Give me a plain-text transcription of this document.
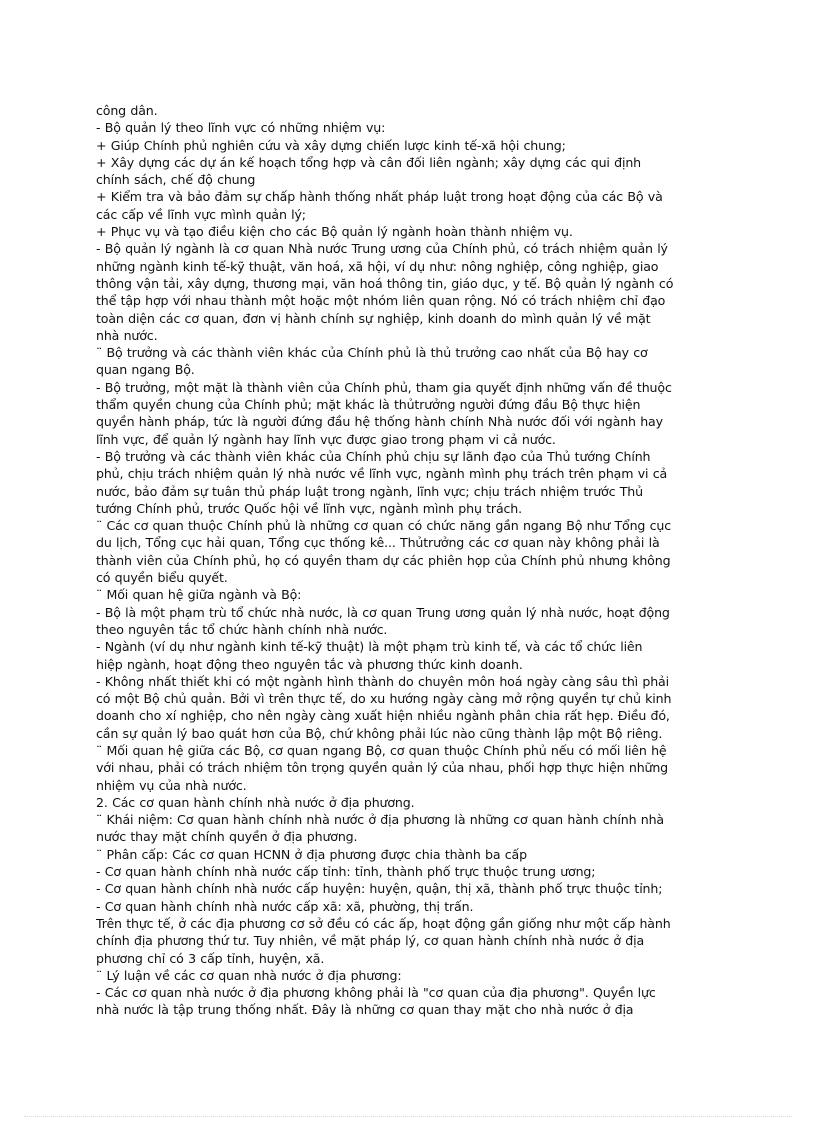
công dân.
- Bộ quản lý theo lĩnh vực có những nhiệm vụ:
+ Giúp Chính phủ nghiên cứu và xây dựng chiến lược kinh tế-xã hội chung;
+ Xây dựng các dự án kế hoạch tổng hợp và cân đối liên ngành; xây dựng các qui định
chính sách, chế độ chung
+ Kiểm tra và bảo đảm sự chấp hành thống nhất pháp luật trong hoạt động của các Bộ và
các cấp về lĩnh vực mình quản lý;
+ Phục vụ và tạo điều kiện cho các Bộ quản lý ngành hoàn thành nhiệm vụ.
- Bộ quản lý ngành là cơ quan Nhà nước Trung ương của Chính phủ, có trách nhiệm quản lý
những ngành kinh tế-kỹ thuật, văn hoá, xã hội, ví dụ như: nông nghiệp, công nghiệp, giao
thông vận tải, xây dựng, thương mại, văn hoá thông tin, giáo dục, y tế. Bộ quản lý ngành có
thể tập hợp với nhau thành một hoặc một nhóm liên quan rộng. Nó có trách nhiệm chỉ đạo
toàn diện các cơ quan, đơn vị hành chính sự nghiệp, kinh doanh do mình quản lý về mặt
nhà nước.
¨ Bộ trưởng và các thành viên khác của Chính phủ là thủ trưởng cao nhất của Bộ hay cơ
quan ngang Bộ.
- Bộ trưởng, một mặt là thành viên của Chính phủ, tham gia quyết định những vấn đề thuộc
thẩm quyền chung của Chính phủ; mặt khác là thủtrưởng người đứng đầu Bộ thực hiện
quyền hành pháp, tức là người đứng đầu hệ thống hành chính Nhà nước đối với ngành hay
lĩnh vực, để quản lý ngành hay lĩnh vực được giao trong phạm vi cả nước.
- Bộ trưởng và các thành viên khác của Chính phủ chịu sự lãnh đạo của Thủ tướng Chính
phủ, chịu trách nhiệm quản lý nhà nước về lĩnh vực, ngành mình phụ trách trên phạm vi cả
nước, bảo đảm sự tuân thủ pháp luật trong ngành, lĩnh vực; chịu trách nhiệm trước Thủ
tướng Chính phủ, trước Quốc hội về lĩnh vực, ngành mình phụ trách.
¨ Các cơ quan thuộc Chính phủ là những cơ quan có chức năng gần ngang Bộ như Tổng cục
du lịch, Tổng cục hải quan, Tổng cục thống kê... Thủtrưởng các cơ quan này không phải là
thành viên của Chính phủ, họ có quyền tham dự các phiên họp của Chính phủ nhưng không
có quyền biểu quyết.
¨ Mối quan hệ giữa ngành và Bộ:
- Bộ là một phạm trù tổ chức nhà nước, là cơ quan Trung ương quản lý nhà nước, hoạt động
theo nguyên tắc tổ chức hành chính nhà nước.
- Ngành (ví dụ như ngành kinh tế-kỹ thuật) là một phạm trù kinh tế, và các tổ chức liên
hiệp ngành, hoạt động theo nguyên tắc và phương thức kinh doanh.
- Không nhất thiết khi có một ngành hình thành do chuyên môn hoá ngày càng sâu thì phải
có một Bộ chủ quản. Bởi vì trên thực tế, do xu hướng ngày càng mở rộng quyền tự chủ kinh
doanh cho xí nghiệp, cho nên ngày càng xuất hiện nhiều ngành phân chia rất hẹp. Điều đó,
cần sự quản lý bao quát hơn của Bộ, chứ không phải lúc nào cũng thành lập một Bộ riêng.
¨ Mối quan hệ giữa các Bộ, cơ quan ngang Bộ, cơ quan thuộc Chính phủ nếu có mối liên hệ
với nhau, phải có trách nhiệm tôn trọng quyền quản lý của nhau, phối hợp thực hiện những
nhiệm vụ của nhà nước.
2. Các cơ quan hành chính nhà nước ở địa phương.
¨ Khái niệm: Cơ quan hành chính nhà nước ở địa phương là những cơ quan hành chính nhà
nước thay mặt chính quyền ở địa phương.
¨ Phân cấp: Các cơ quan HCNN ở địa phương được chia thành ba cấp
- Cơ quan hành chính nhà nước cấp tỉnh: tỉnh, thành phố trực thuộc trung ương;
- Cơ quan hành chính nhà nước cấp huyện: huyện, quận, thị xã, thành phố trực thuộc tỉnh;
- Cơ quan hành chính nhà nước cấp xã: xã, phường, thị trấn.
Trên thực tế, ở các địa phương cơ sở đều có các ấp, hoạt động gần giống như một cấp hành
chính địa phương thứ tư. Tuy nhiên, về mặt pháp lý, cơ quan hành chính nhà nước ở địa
phương chỉ có 3 cấp tỉnh, huyện, xã.
¨ Lý luận về các cơ quan nhà nước ở địa phương:
- Các cơ quan nhà nước ở địa phương không phải là "cơ quan của địa phương". Quyền lực
nhà nước là tập trung thống nhất. Đây là những cơ quan thay mặt cho nhà nước ở địa
